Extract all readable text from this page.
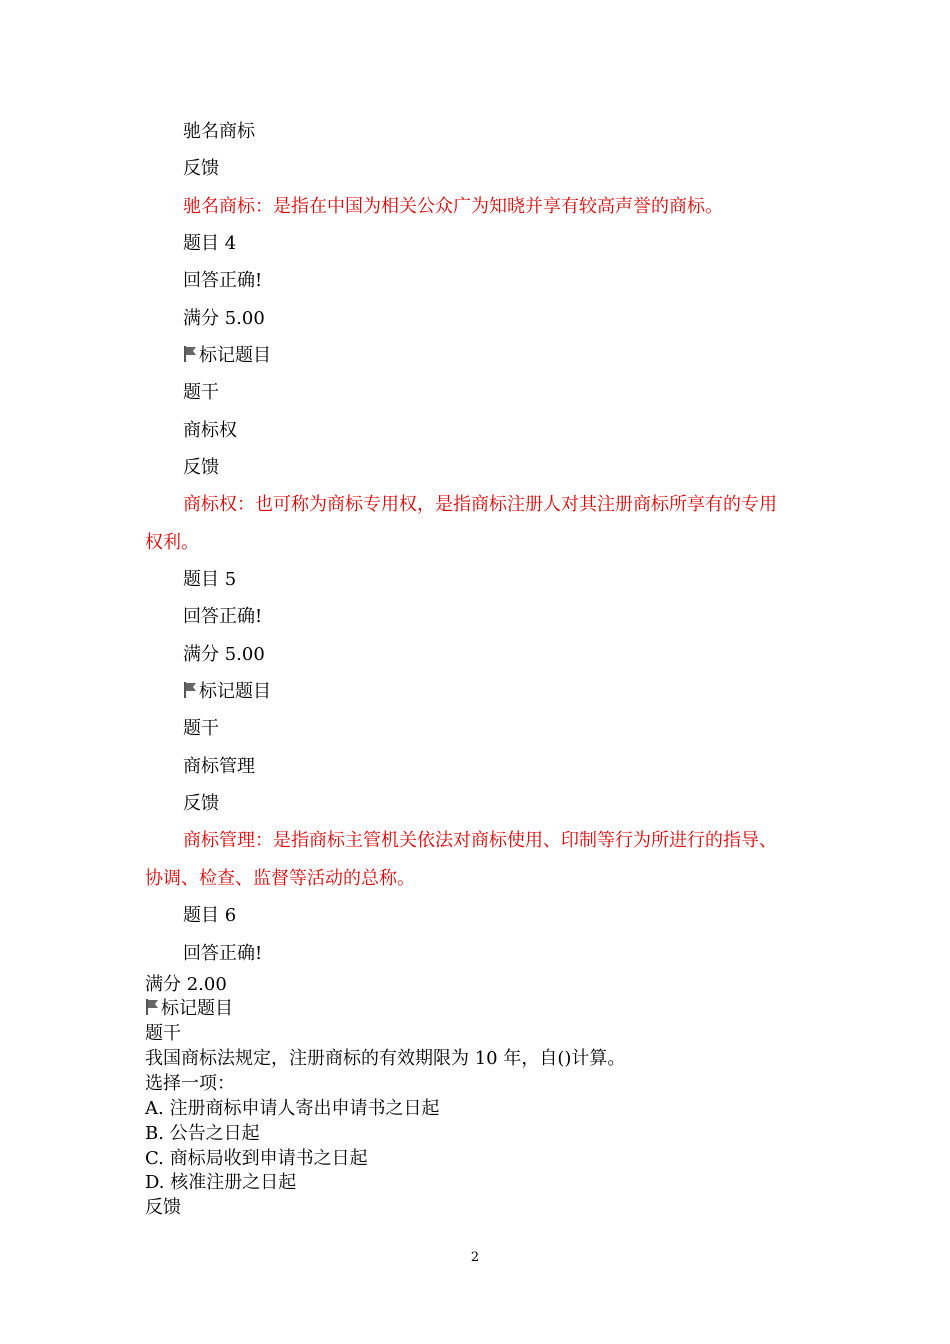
驰名商标
反馈
驰名商标：是指在中国为相关公众广为知晓并享有较高声誉的商标。
题目 4
回答正确!
满分 5.00
标记题目
题干
商标权
反馈
商标权：也可称为商标专用权，是指商标注册人对其注册商标所享有的专用
权利。
题目 5
回答正确!
满分 5.00
标记题目
题干
商标管理
反馈
商标管理：是指商标主管机关依法对商标使用、印制等行为所进行的指导、
协调、检查、监督等活动的总称。
题目 6
回答正确!
满分 2.00
标记题目
题干
我国商标法规定，注册商标的有效期限为 10 年，自()计算。
选择一项：
A. 注册商标申请人寄出申请书之日起
B. 公告之日起
C. 商标局收到申请书之日起
D. 核准注册之日起
反馈
2
